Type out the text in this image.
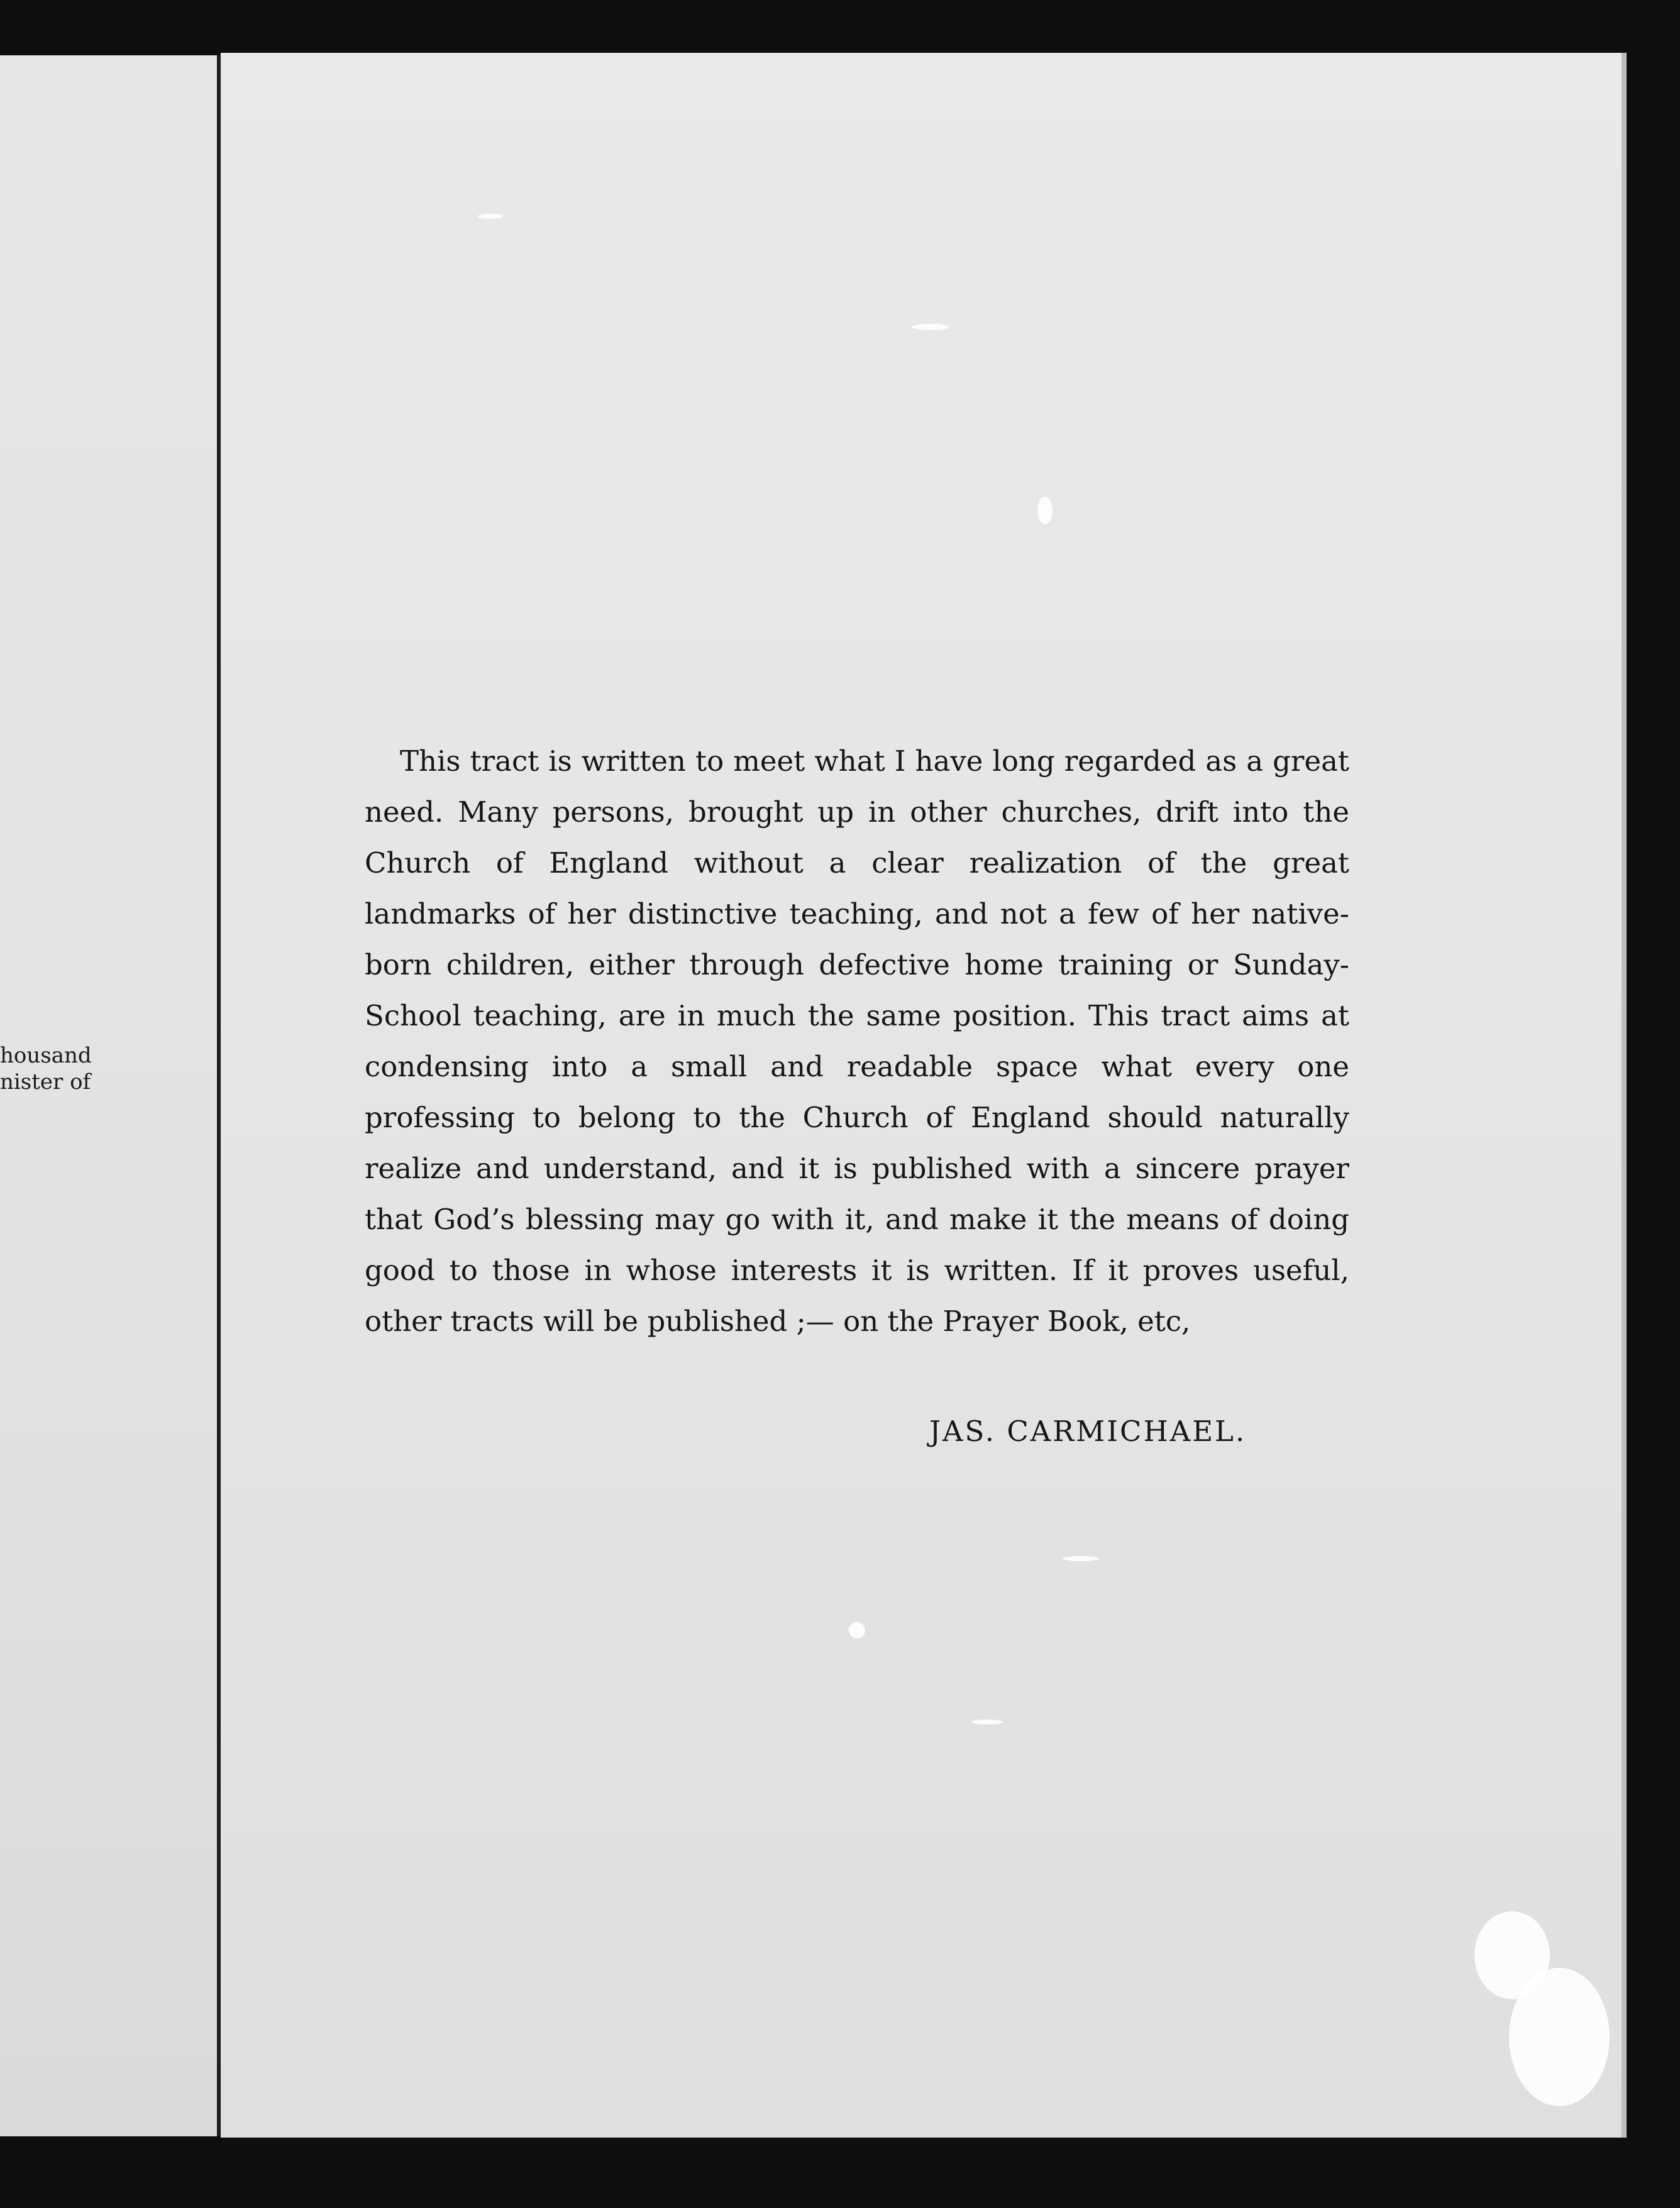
housand
nister of

This tract is written to meet what I have long regarded as a great need. Many persons, brought up in other churches, drift into the Church of England without a clear realization of the great landmarks of her distinctive teaching, and not a few of her native-born children, either through defective home training or Sunday-School teaching, are in much the same position. This tract aims at condensing into a small and readable space what every one professing to belong to the Church of England should naturally realize and understand, and it is published with a sincere prayer that God’s blessing may go with it, and make it the means of doing good to those in whose interests it is written. If it proves useful, other tracts will be published ;— on the Prayer Book, etc,

JAS. CARMICHAEL.
